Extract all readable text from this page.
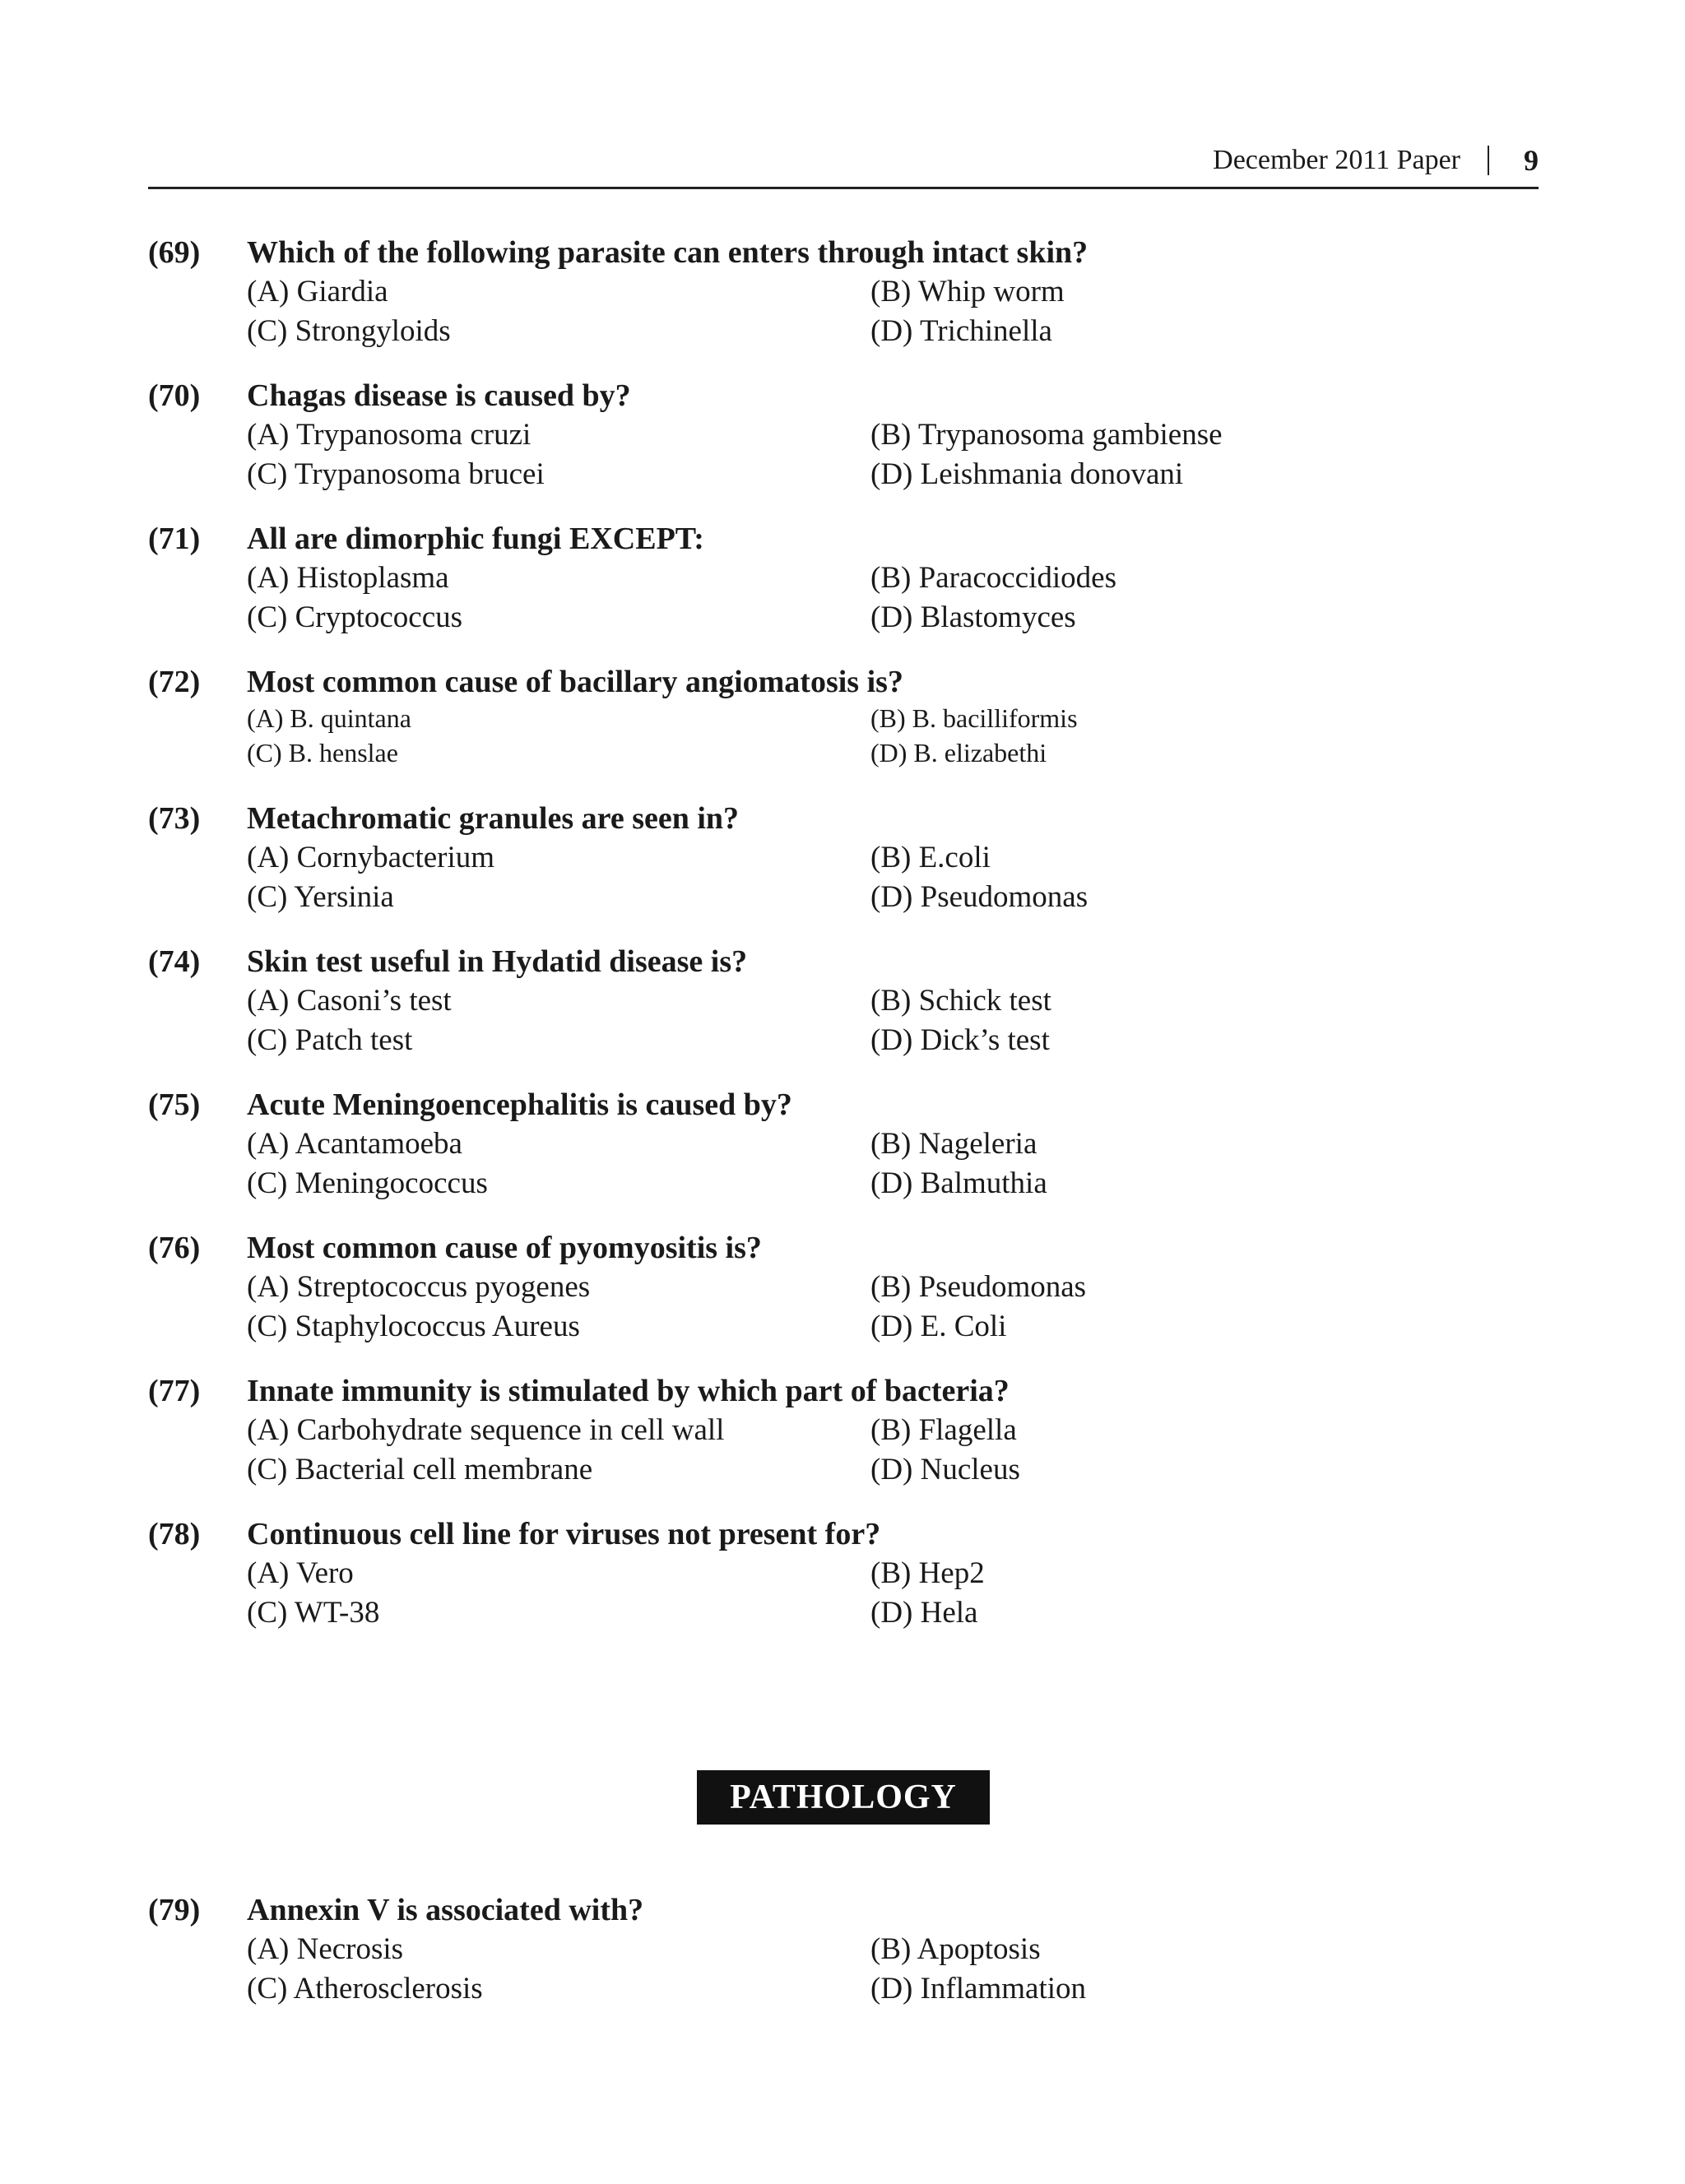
December 2011 Paper 9
(69) Which of the following parasite can enters through intact skin?
(A) Giardia	(B) Whip worm
(C) Strongyloids	(D) Trichinella
(70) Chagas disease is caused by?
(A) Trypanosoma cruzi	(B) Trypanosoma gambiense
(C) Trypanosoma brucei	(D) Leishmania donovani
(71) All are dimorphic fungi EXCEPT:
(A) Histoplasma	(B) Paracoccidiodes
(C) Cryptococcus	(D) Blastomyces
(72) Most common cause of bacillary angiomatosis is?
(A) B. quintana	(B) B. bacilliformis
(C) B. henslae	(D) B. elizabethi
(73) Metachromatic granules are seen in?
(A) Cornybacterium	(B) E.coli
(C) Yersinia	(D) Pseudomonas
(74) Skin test useful in Hydatid disease is?
(A) Casoni’s test	(B) Schick test
(C) Patch test	(D) Dick’s test
(75) Acute Meningoencephalitis is caused by?
(A) Acantamoeba	(B) Nageleria
(C) Meningococcus	(D) Balmuthia
(76) Most common cause of pyomyositis is?
(A) Streptococcus pyogenes	(B) Pseudomonas
(C) Staphylococcus Aureus	(D) E. Coli
(77) Innate immunity is stimulated by which part of bacteria?
(A) Carbohydrate sequence in cell wall	(B) Flagella
(C) Bacterial cell membrane	(D) Nucleus
(78) Continuous cell line for viruses not present for?
(A) Vero	(B) Hep2
(C) WT-38	(D) Hela
(79) Annexin V is associated with?
(A) Necrosis	(B) Apoptosis
(C) Atherosclerosis	(D) Inflammation
PATHOLOGY
